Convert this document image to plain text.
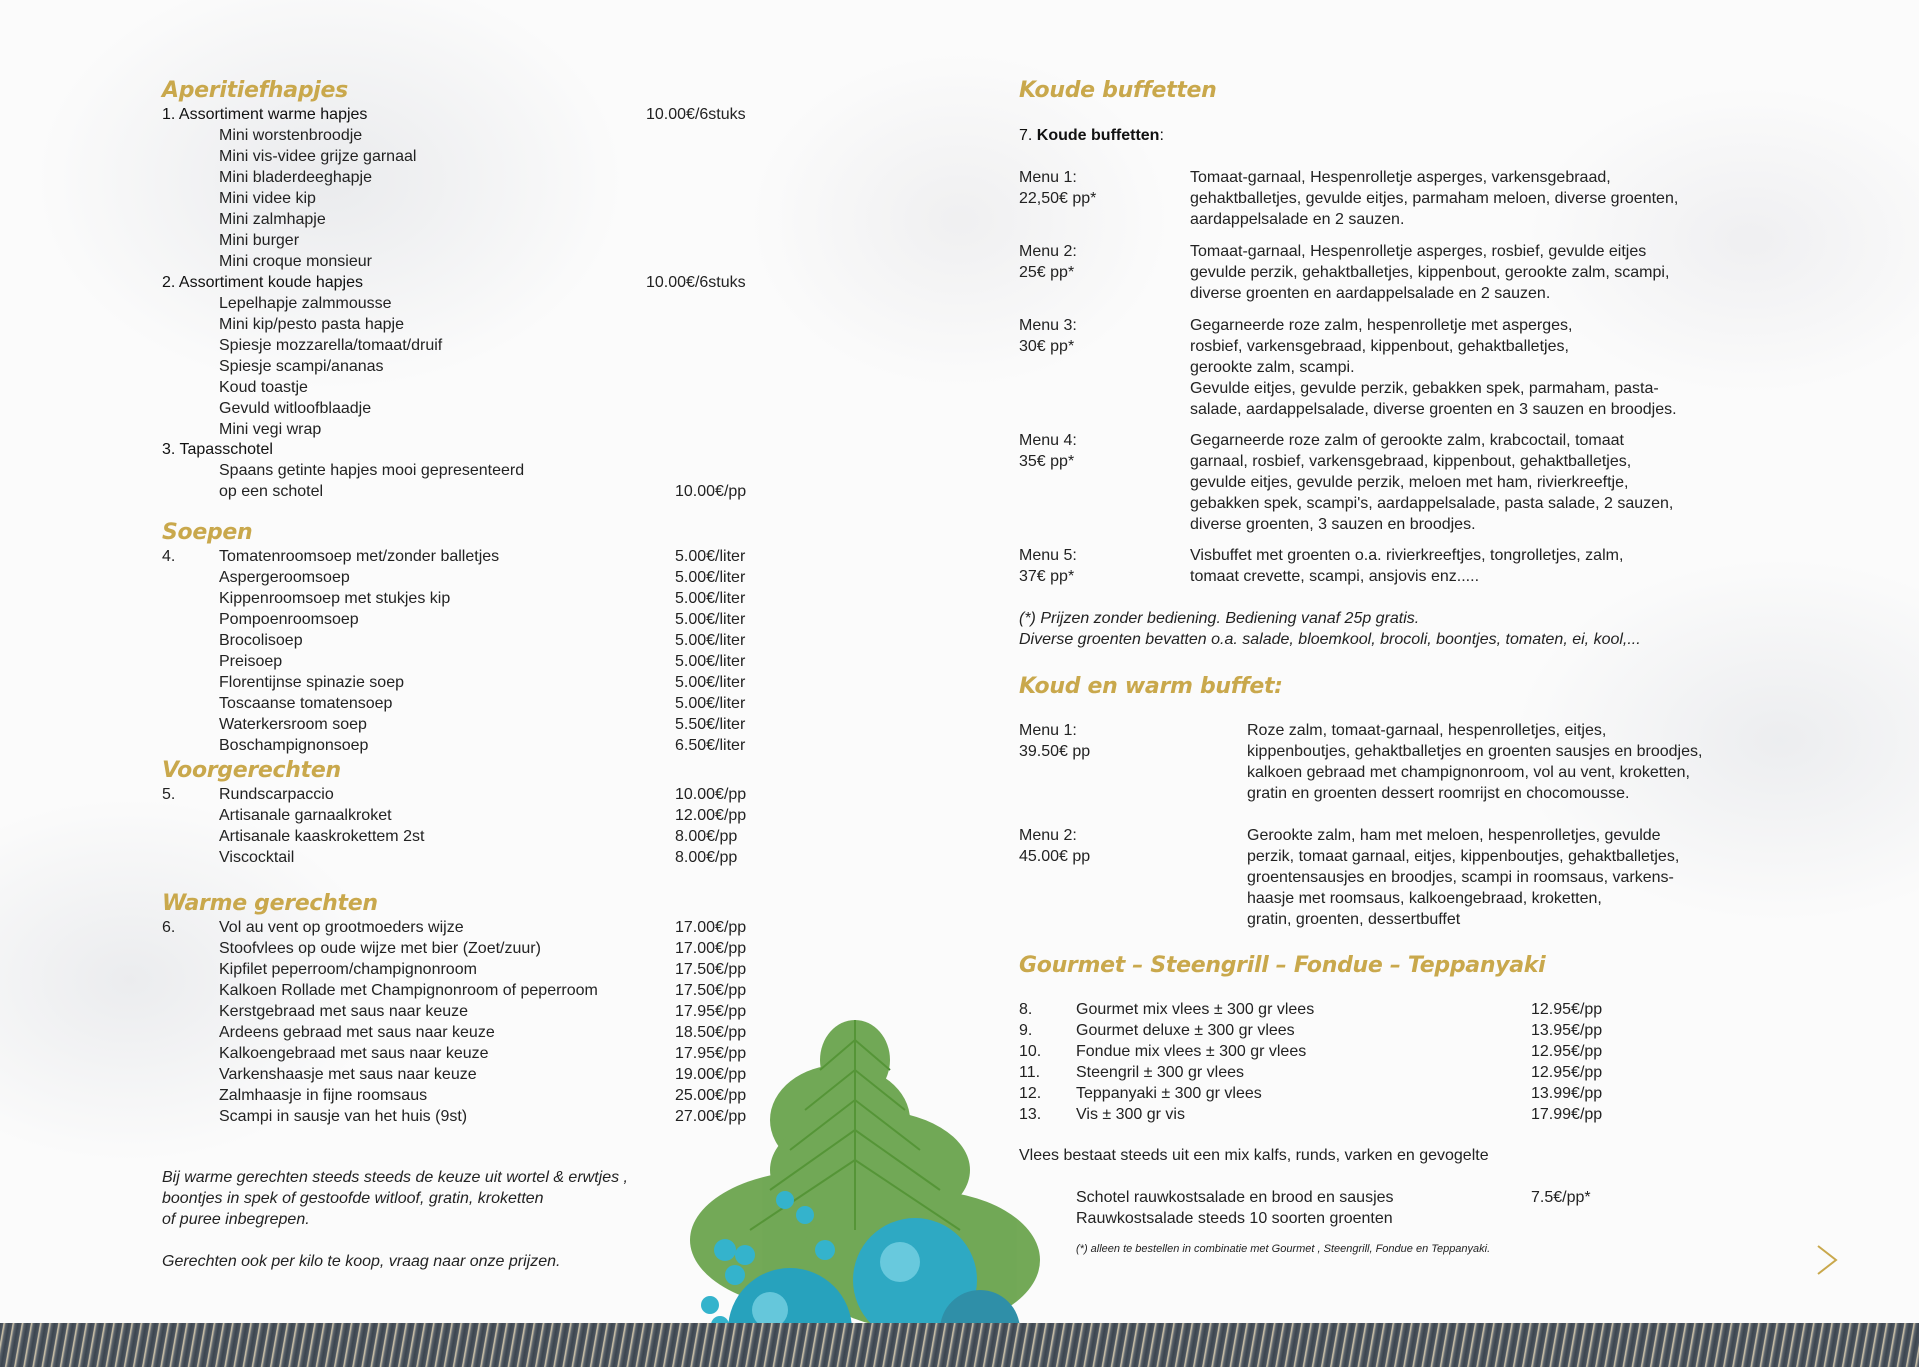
Aperitiefhapjes
1. Assortiment warme hapjes	10.00€/6stuks
Mini worstenbroodje
Mini vis-videe grijze garnaal
Mini bladerdeeghapje
Mini videe kip
Mini zalmhapje
Mini burger
Mini croque monsieur
2. Assortiment koude hapjes	10.00€/6stuks
Lepelhapje zalmmousse
Mini kip/pesto pasta hapje
Spiesje mozzarella/tomaat/druif
Spiesje scampi/ananas
Koud toastje
Gevuld witloofblaadje
Mini vegi wrap
3. Tapasschotel
Spaans getinte hapjes mooi gepresenteerd
op een schotel	10.00€/pp
Soepen
4.	Tomatenroomsoep met/zonder balletjes	5.00€/liter
Aspergeroomsoep	5.00€/liter
Kippenroomsoep met stukjes kip	5.00€/liter
Pompoenroomsoep	5.00€/liter
Brocolisoep	5.00€/liter
Preisoep	5.00€/liter
Florentijnse spinazie soep	5.00€/liter
Toscaanse tomatensoep	5.00€/liter
Waterkersroom soep	5.50€/liter
Boschampignonsoep	6.50€/liter
Voorgerechten
5.	Rundscarpaccio	10.00€/pp
Artisanale garnaalkroket	12.00€/pp
Artisanale kaaskrokettem 2st	8.00€/pp
Viscocktail	8.00€/pp
Warme gerechten
6.	Vol au vent op grootmoeders wijze	17.00€/pp
Stoofvlees op oude wijze met bier (Zoet/zuur)	17.00€/pp
Kipfilet peperroom/champignonroom	17.50€/pp
Kalkoen Rollade met Champignonroom of peperroom	17.50€/pp
Kerstgebraad met saus naar keuze	17.95€/pp
Ardeens gebraad met saus naar keuze	18.50€/pp
Kalkoengebraad met saus naar keuze	17.95€/pp
Varkenshaasje met saus naar keuze	19.00€/pp
Zalmhaasje in fijne roomsaus	25.00€/pp
Scampi in sausje van het huis (9st)	27.00€/pp
Bij warme gerechten steeds steeds de keuze uit wortel & erwtjes ,
boontjes in spek of gestoofde witloof, gratin, kroketten
of puree inbegrepen.
Gerechten ook per kilo te koop, vraag naar onze prijzen.
Koude buffetten
7. Koude buffetten:
Menu 1:
22,50€ pp*
Tomaat-garnaal, Hespenrolletje asperges, varkensgebraad,
gehaktballetjes, gevulde eitjes, parmaham meloen, diverse groenten,
aardappelsalade en 2 sauzen.
Menu 2:
25€ pp*
Tomaat-garnaal, Hespenrolletje asperges, rosbief, gevulde eitjes
gevulde perzik, gehaktballetjes, kippenbout, gerookte zalm, scampi,
diverse groenten en aardappelsalade en 2 sauzen.
Menu 3:
30€ pp*
Gegarneerde roze zalm, hespenrolletje met asperges,
rosbief, varkensgebraad, kippenbout, gehaktballetjes,
gerookte zalm, scampi.
Gevulde eitjes, gevulde perzik, gebakken spek, parmaham, pasta-
salade, aardappelsalade, diverse groenten en 3 sauzen en broodjes.
Menu 4:
35€ pp*
Gegarneerde roze zalm of gerookte zalm, krabcoctail, tomaat
garnaal, rosbief, varkensgebraad, kippenbout, gehaktballetjes,
gevulde eitjes, gevulde perzik, meloen met ham, rivierkreeftje,
gebakken spek, scampi's, aardappelsalade, pasta salade, 2 sauzen,
diverse groenten, 3 sauzen en broodjes.
Menu 5:
37€ pp*
Visbuffet met groenten o.a. rivierkreeftjes, tongrolletjes, zalm,
tomaat crevette, scampi, ansjovis enz.....
(*) Prijzen zonder bediening. Bediening vanaf 25p gratis.
Diverse groenten bevatten o.a. salade, bloemkool, brocoli, boontjes, tomaten, ei, kool,...
Koud en warm buffet:
Menu 1:
39.50€ pp
Roze zalm, tomaat-garnaal, hespenrolletjes, eitjes,
kippenboutjes, gehaktballetjes en groenten sausjes en broodjes,
kalkoen gebraad met champignonroom, vol au vent, kroketten,
gratin en groenten dessert roomrijst en chocomousse.
Menu 2:
45.00€ pp
Gerookte zalm, ham met meloen, hespenrolletjes, gevulde
perzik, tomaat garnaal, eitjes, kippenboutjes, gehaktballetjes,
groentensausjes en broodjes, scampi in roomsaus, varkens-
haasje met roomsaus, kalkoengebraad, kroketten,
gratin, groenten, dessertbuffet
Gourmet – Steengrill – Fondue – Teppanyaki
8.	Gourmet mix vlees ± 300 gr vlees	12.95€/pp
9.	Gourmet deluxe ± 300 gr vlees	13.95€/pp
10. Fondue mix vlees ± 300 gr vlees	12.95€/pp
11. Steengril ± 300 gr vlees	12.95€/pp
12. Teppanyaki ± 300 gr vlees	13.99€/pp
13. Vis ± 300 gr vis	17.99€/pp
Vlees bestaat steeds uit een mix kalfs, runds, varken en gevogelte
Schotel rauwkostsalade en brood en sausjes	7.5€/pp*
Rauwkostsalade steeds 10 soorten groenten
(*) alleen te bestellen in combinatie met Gourmet , Steengrill, Fondue en Teppanyaki.
